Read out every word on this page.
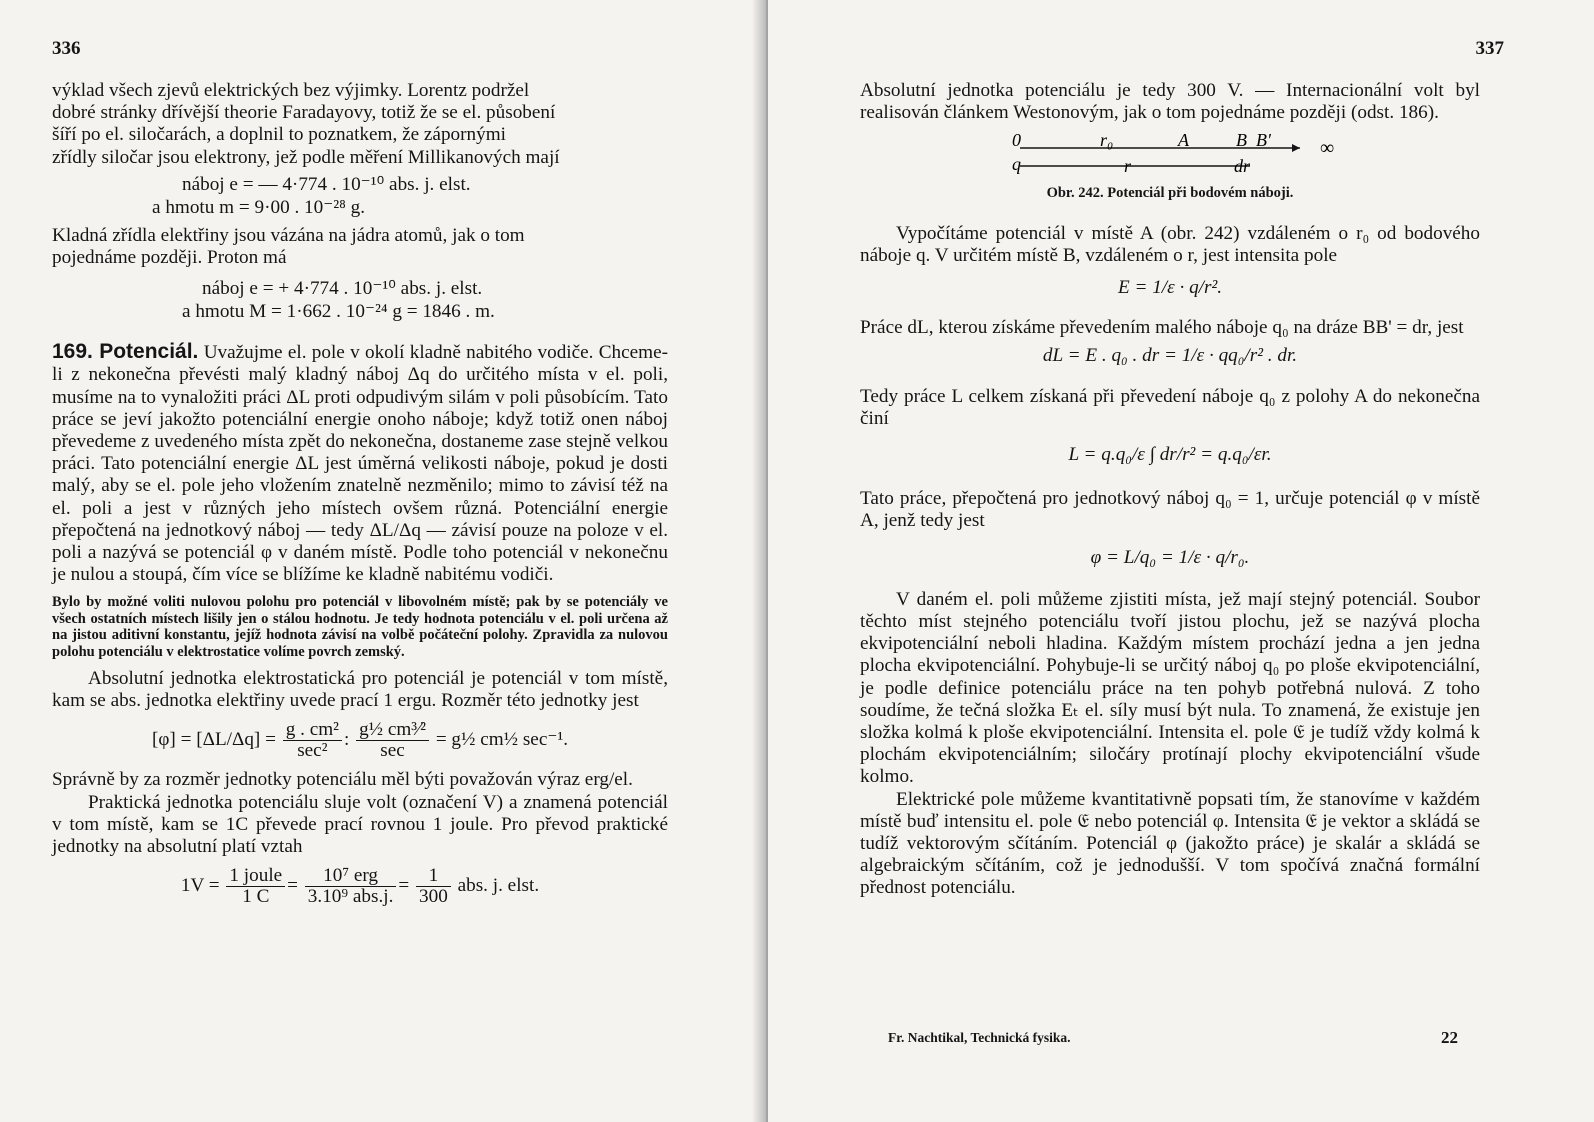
336

výklad všech zjevů elektrických bez výjimky. Lorentz podržel
dobré stránky dřívější theorie Faradayovy, totiž že se el. působení
šíří po el. siločarách, a doplnil to poznatkem, že zápornými
zřídly siločar jsou elektrony, jež podle měření Millikanových mají

náboj e = — 4·774 . 10⁻¹⁰ abs. j. elst.
a hmotu m = 9·00 . 10⁻²⁸ g.

Kladná zřídla elektřiny jsou vázána na jádra atomů, jak o tom
pojednáme později. Proton má

náboj e = + 4·774 . 10⁻¹⁰ abs. j. elst.
a hmotu M = 1·662 . 10⁻²⁴ g = 1846 . m.

169. Potenciál. Uvažujme el. pole v okolí kladně nabitého vodiče. Chceme-li z nekonečna převésti malý kladný náboj Δq do určitého místa v el. poli, musíme na to vynaložiti práci ΔL proti odpudivým silám v poli působícím. Tato práce se jeví jakožto potenciální energie onoho náboje; když totiž onen náboj převedeme z uvedeného místa zpět do nekonečna, dostaneme zase stejně velkou práci. Tato potenciální energie ΔL jest úměrná velikosti náboje, pokud je dosti malý, aby se el. pole jeho vložením znatelně nezměnilo; mimo to závisí též na el. poli a jest v různých jeho místech ovšem různá. Potenciální energie přepočtená na jednotkový náboj — tedy ΔL/Δq — závisí pouze na poloze v el. poli a nazývá se potenciál φ v daném místě. Podle toho potenciál v nekonečnu je nulou a stoupá, čím více se blížíme ke kladně nabitému vodiči.

Bylo by možné voliti nulovou polohu pro potenciál v libovolném místě; pak by se potenciály ve všech ostatních místech lišily jen o stálou hodnotu. Je tedy hodnota potenciálu v el. poli určena až na jistou aditivní konstantu, jejíž hodnota závisí na volbě počáteční polohy. Zpravidla za nulovou polohu potenciálu v elektrostatice volíme povrch zemský.

Absolutní jednotka elektrostatická pro potenciál je potenciál v tom místě, kam se abs. jednotka elektřiny uvede prací 1 ergu. Rozměr této jednotky jest

$[\varphi] = [\Delta L/\Delta q] = \frac{\text{g . cm²}}{\text{sec²}}$ : $\frac{\text{g½ cm³⁄²}}{\sec}$ = g½ cm½ sec⁻¹.

Správně by za rozměr jednotky potenciálu měl býti považován výraz erg/el.

Praktická jednotka potenciálu sluje volt (označení V) a znamená potenciál v tom místě, kam se 1C převede prací rovnou 1 joule. Pro převod praktické jednotky na absolutní platí vztah

$1V = \frac{\text{1 joule}}{1 C} = \frac{\text{10⁷ erg}}{\text{3.10⁹ abs.j.}} = \frac{1}{300}$ abs. j. elst.
337

Absolutní jednotka potenciálu je tedy 300 V. — Internacionální volt byl realisován článkem Westonovým, jak o tom pojednáme později (odst. 186).

0	r₀	A	B B'
q	r	dr
∞
Obr. 242. Potenciál při bodovém náboji.

Vypočítáme potenciál v místě A (obr. 242) vzdáleném o r₀ od bodového náboje q. V určitém místě B, vzdáleném o r, jest intensita pole

E = 1/ε · q/r².

Práce dL, kterou získáme převedením malého náboje q₀ na dráze BB' = dr, jest

dL = E . q₀ . dr = 1/ε · qq₀/r² . dr.

Tedy práce L celkem získaná při převedení náboje q₀ z polohy A do nekonečna činí

L = q.q₀/ε ∫ dr/r² = q.q₀/εr.

Tato práce, přepočtená pro jednotkový náboj q₀ = 1, určuje potenciál φ v místě A, jenž tedy jest

φ = L/q₀ = 1/ε · q/r₀.

V daném el. poli můžeme zjistiti místa, jež mají stejný potenciál. Soubor těchto míst stejného potenciálu tvoří jistou plochu, jež se nazývá plocha ekvipotenciální neboli hladina. Každým místem prochází jedna a jen jedna plocha ekvipotenciální. Pohybuje-li se určitý náboj q₀ po ploše ekvipotenciální, je podle definice potenciálu práce na ten pohyb potřebná nulová. Z toho soudíme, že tečná složka Eₜ el. síly musí být nula. To znamená, že existuje jen složka kolmá k ploše ekvipotenciální. Intensita el. pole 𝔈 je tudíž vždy kolmá k plochám ekvipotenciálním; siločáry protínají plochy ekvipotenciální všude kolmo.

Elektrické pole můžeme kvantitativně popsati tím, že stanovíme v každém místě buď intensitu el. pole 𝔈 nebo potenciál φ. Intensita 𝔈 je vektor a skládá se tudíž vektorovým sčítáním. Potenciál φ (jakožto práce) je skalár a skládá se algebraickým sčítáním, což je jednodušší. V tom spočívá značná formální přednost potenciálu.

Fr. Nachtikal, Technická fysika.	22
